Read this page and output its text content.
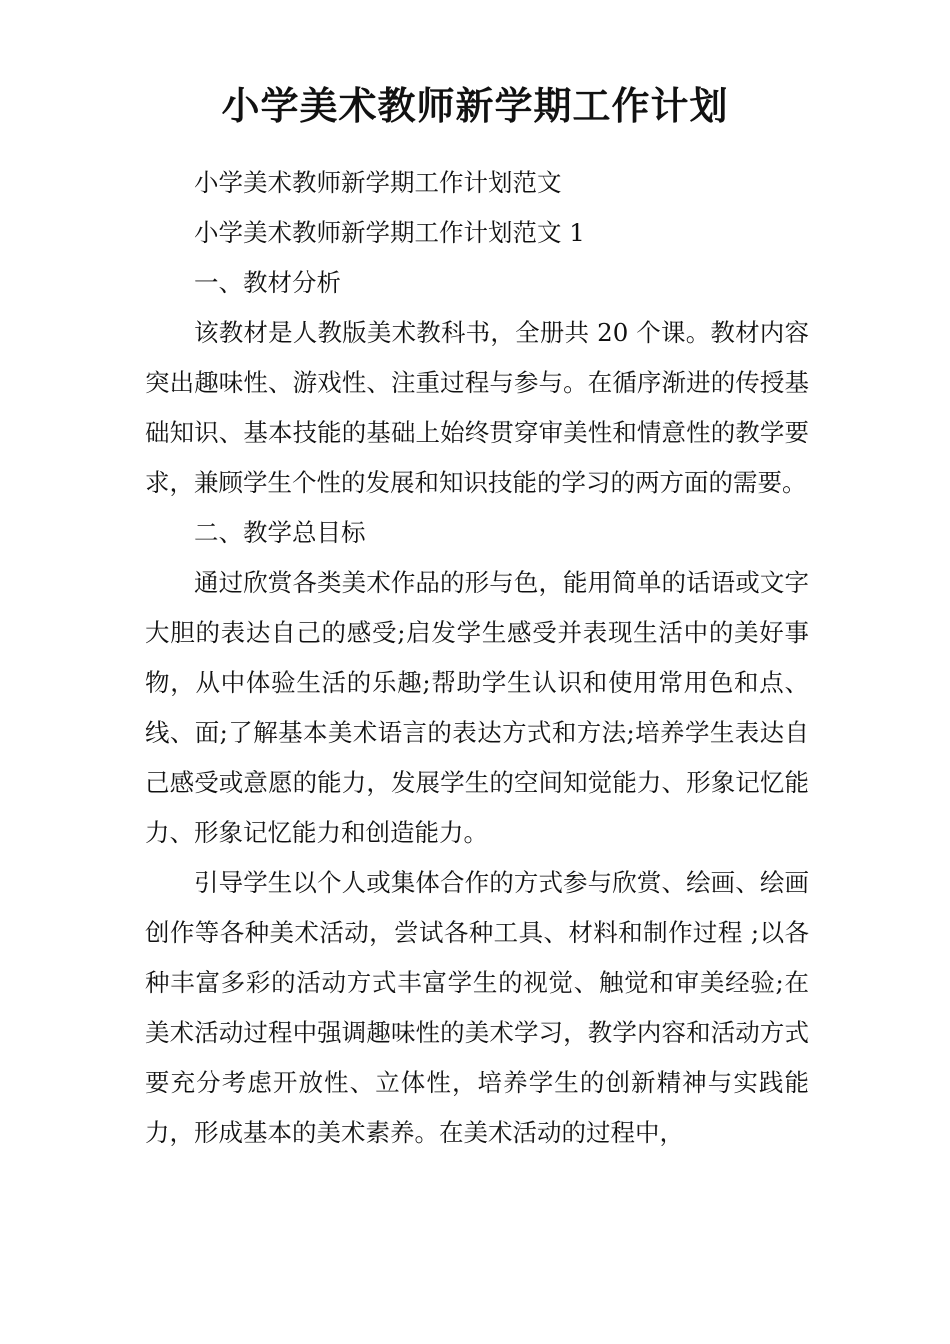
小学美术教师新学期工作计划

小学美术教师新学期工作计划范文

小学美术教师新学期工作计划范文 1

一、教材分析

该教材是人教版美术教科书，全册共 20 个课。教材内容突出趣味性、游戏性、注重过程与参与。在循序渐进的传授基础知识、基本技能的基础上始终贯穿审美性和情意性的教学要求，兼顾学生个性的发展和知识技能的学习的两方面的需要。

二、教学总目标

通过欣赏各类美术作品的形与色，能用简单的话语或文字大胆的表达自己的感受;启发学生感受并表现生活中的美好事物，从中体验生活的乐趣;帮助学生认识和使用常用色和点、线、面;了解基本美术语言的表达方式和方法;培养学生表达自己感受或意愿的能力，发展学生的空间知觉能力、形象记忆能力、形象记忆能力和创造能力。

引导学生以个人或集体合作的方式参与欣赏、绘画、绘画创作等各种美术活动，尝试各种工具、材料和制作过程 ;以各种丰富多彩的活动方式丰富学生的视觉、触觉和审美经验;在美术活动过程中强调趣味性的美术学习，教学内容和活动方式要充分考虑开放性、立体性，培养学生的创新精神与实践能力，形成基本的美术素养。在美术活动的过程中，
